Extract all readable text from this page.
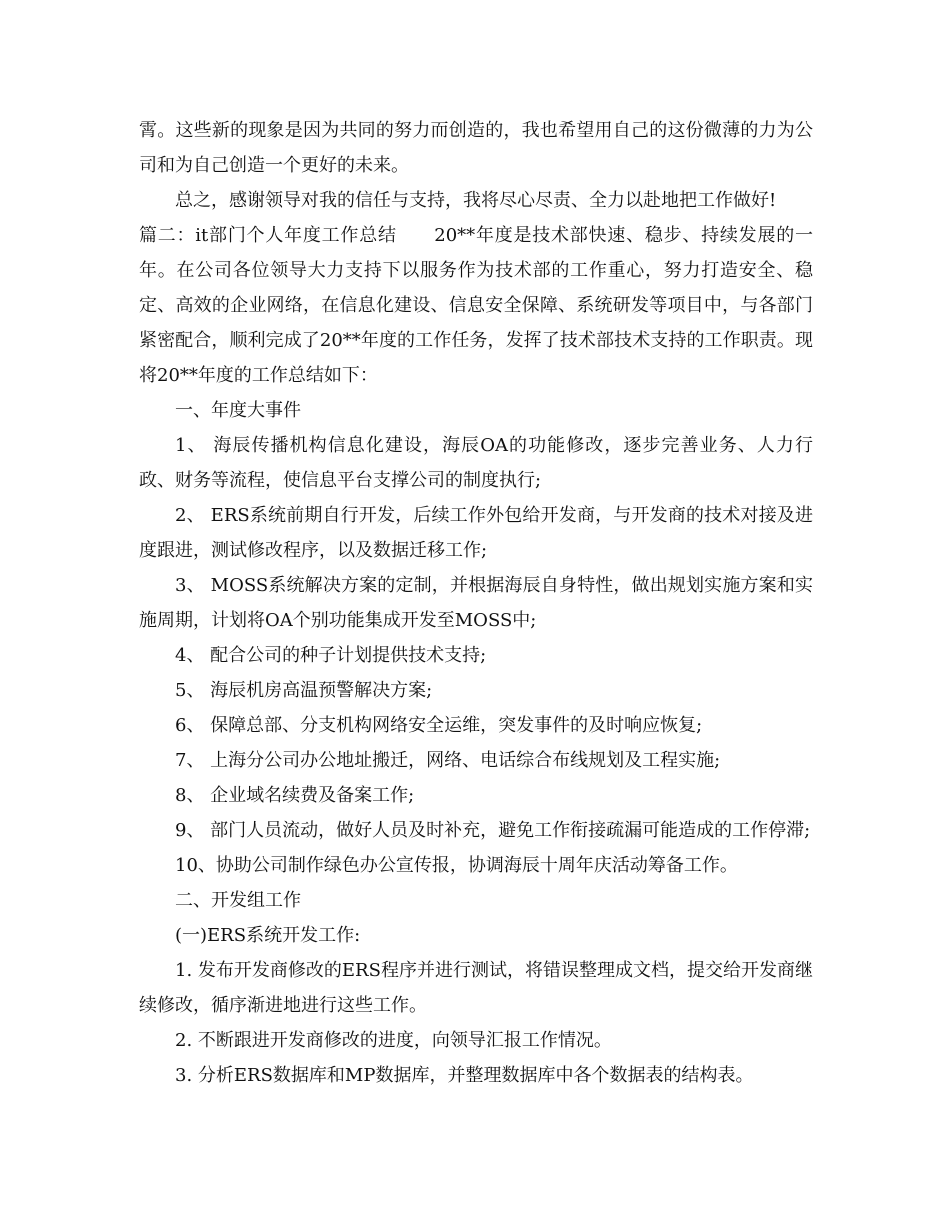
霄。这些新的现象是因为共同的努力而创造的，我也希望用自己的这份微薄的力为公司和为自己创造一个更好的未来。

总之，感谢领导对我的信任与支持，我将尽心尽责、全力以赴地把工作做好!

篇二：it部门个人年度工作总结　　20**年度是技术部快速、稳步、持续发展的一年。在公司各位领导大力支持下以服务作为技术部的工作重心，努力打造安全、稳定、高效的企业网络，在信息化建设、信息安全保障、系统研发等项目中，与各部门紧密配合，顺利完成了20**年度的工作任务，发挥了技术部技术支持的工作职责。现将20**年度的工作总结如下：

一、年度大事件

1、 海辰传播机构信息化建设，海辰OA的功能修改，逐步完善业务、人力行政、财务等流程，使信息平台支撑公司的制度执行;

2、 ERS系统前期自行开发，后续工作外包给开发商，与开发商的技术对接及进度跟进，测试修改程序，以及数据迁移工作;

3、 MOSS系统解决方案的定制，并根据海辰自身特性，做出规划实施方案和实施周期，计划将OA个别功能集成开发至MOSS中;

4、 配合公司的种子计划提供技术支持;

5、 海辰机房高温预警解决方案;

6、 保障总部、分支机构网络安全运维，突发事件的及时响应恢复;

7、 上海分公司办公地址搬迁，网络、电话综合布线规划及工程实施;

8、 企业域名续费及备案工作;

9、 部门人员流动，做好人员及时补充，避免工作衔接疏漏可能造成的工作停滞;

10、协助公司制作绿色办公宣传报，协调海辰十周年庆活动筹备工作。

二、开发组工作

(一)ERS系统开发工作:

1. 发布开发商修改的ERS程序并进行测试，将错误整理成文档，提交给开发商继续修改，循序渐进地进行这些工作。

2. 不断跟进开发商修改的进度，向领导汇报工作情况。

3. 分析ERS数据库和MP数据库，并整理数据库中各个数据表的结构表。
